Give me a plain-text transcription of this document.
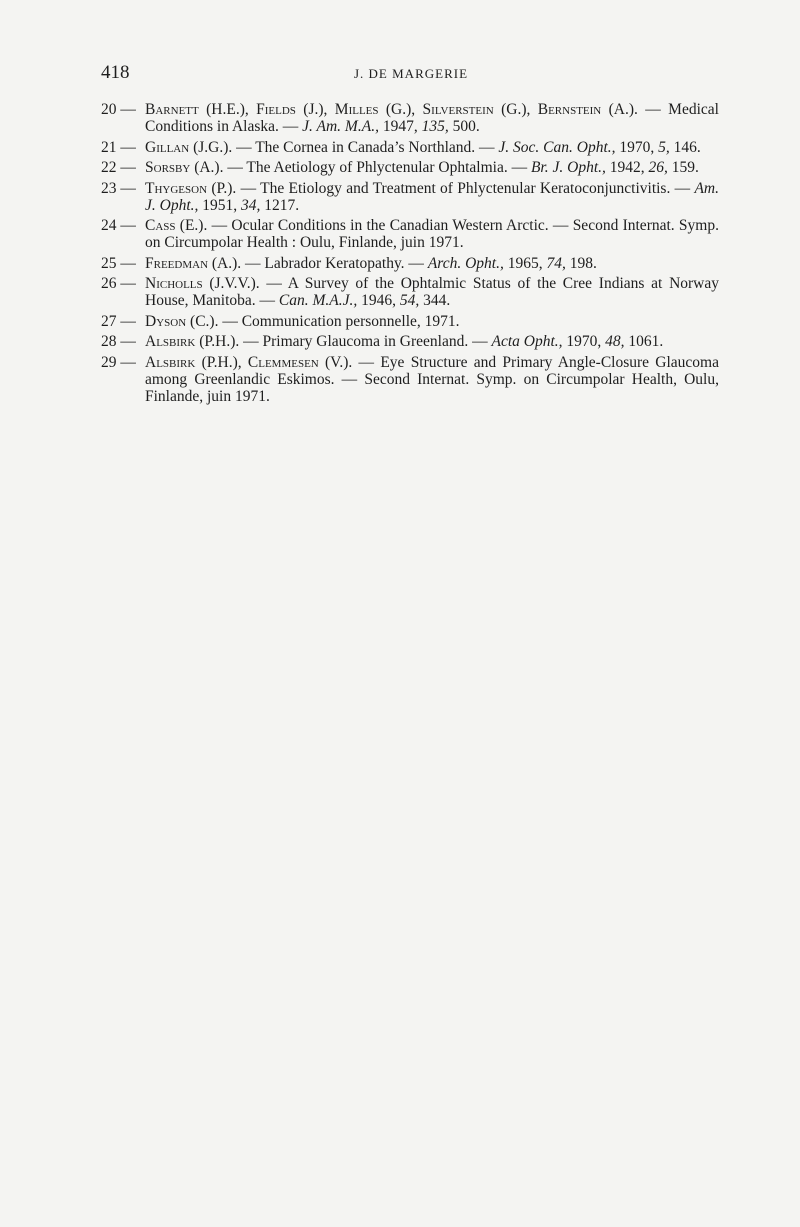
418	J. DE MARGERIE
20 — Barnett (H.E.), Fields (J.), Milles (G.), Silverstein (G.), Bernstein (A.). — Medical Conditions in Alaska. — J. Am. M.A., 1947, 135, 500.
21 — Gillan (J.G.). — The Cornea in Canada’s Northland. — J. Soc. Can. Opht., 1970, 5, 146.
22 — Sorsby (A.). — The Aetiology of Phlyctenular Ophtalmia. — Br. J. Opht., 1942, 26, 159.
23 — Thygeson (P.). — The Etiology and Treatment of Phlyctenular Keratoconjunctivitis. — Am. J. Opht., 1951, 34, 1217.
24 — Cass (E.). — Ocular Conditions in the Canadian Western Arctic. — Second Internat. Symp. on Circumpolar Health : Oulu, Finlande, juin 1971.
25 — Freedman (A.). — Labrador Keratopathy. — Arch. Opht., 1965, 74, 198.
26 — Nicholls (J.V.V.). — A Survey of the Ophtalmic Status of the Cree Indians at Norway House, Manitoba. — Can. M.A.J., 1946, 54, 344.
27 — Dyson (C.). — Communication personnelle, 1971.
28 — Alsbirk (P.H.). — Primary Glaucoma in Greenland. — Acta Opht., 1970, 48, 1061.
29 — Alsbirk (P.H.), Clemmesen (V.). — Eye Structure and Primary Angle-Closure Glaucoma among Greenlandic Eskimos. — Second Internat. Symp. on Circumpolar Health, Oulu, Finlande, juin 1971.
